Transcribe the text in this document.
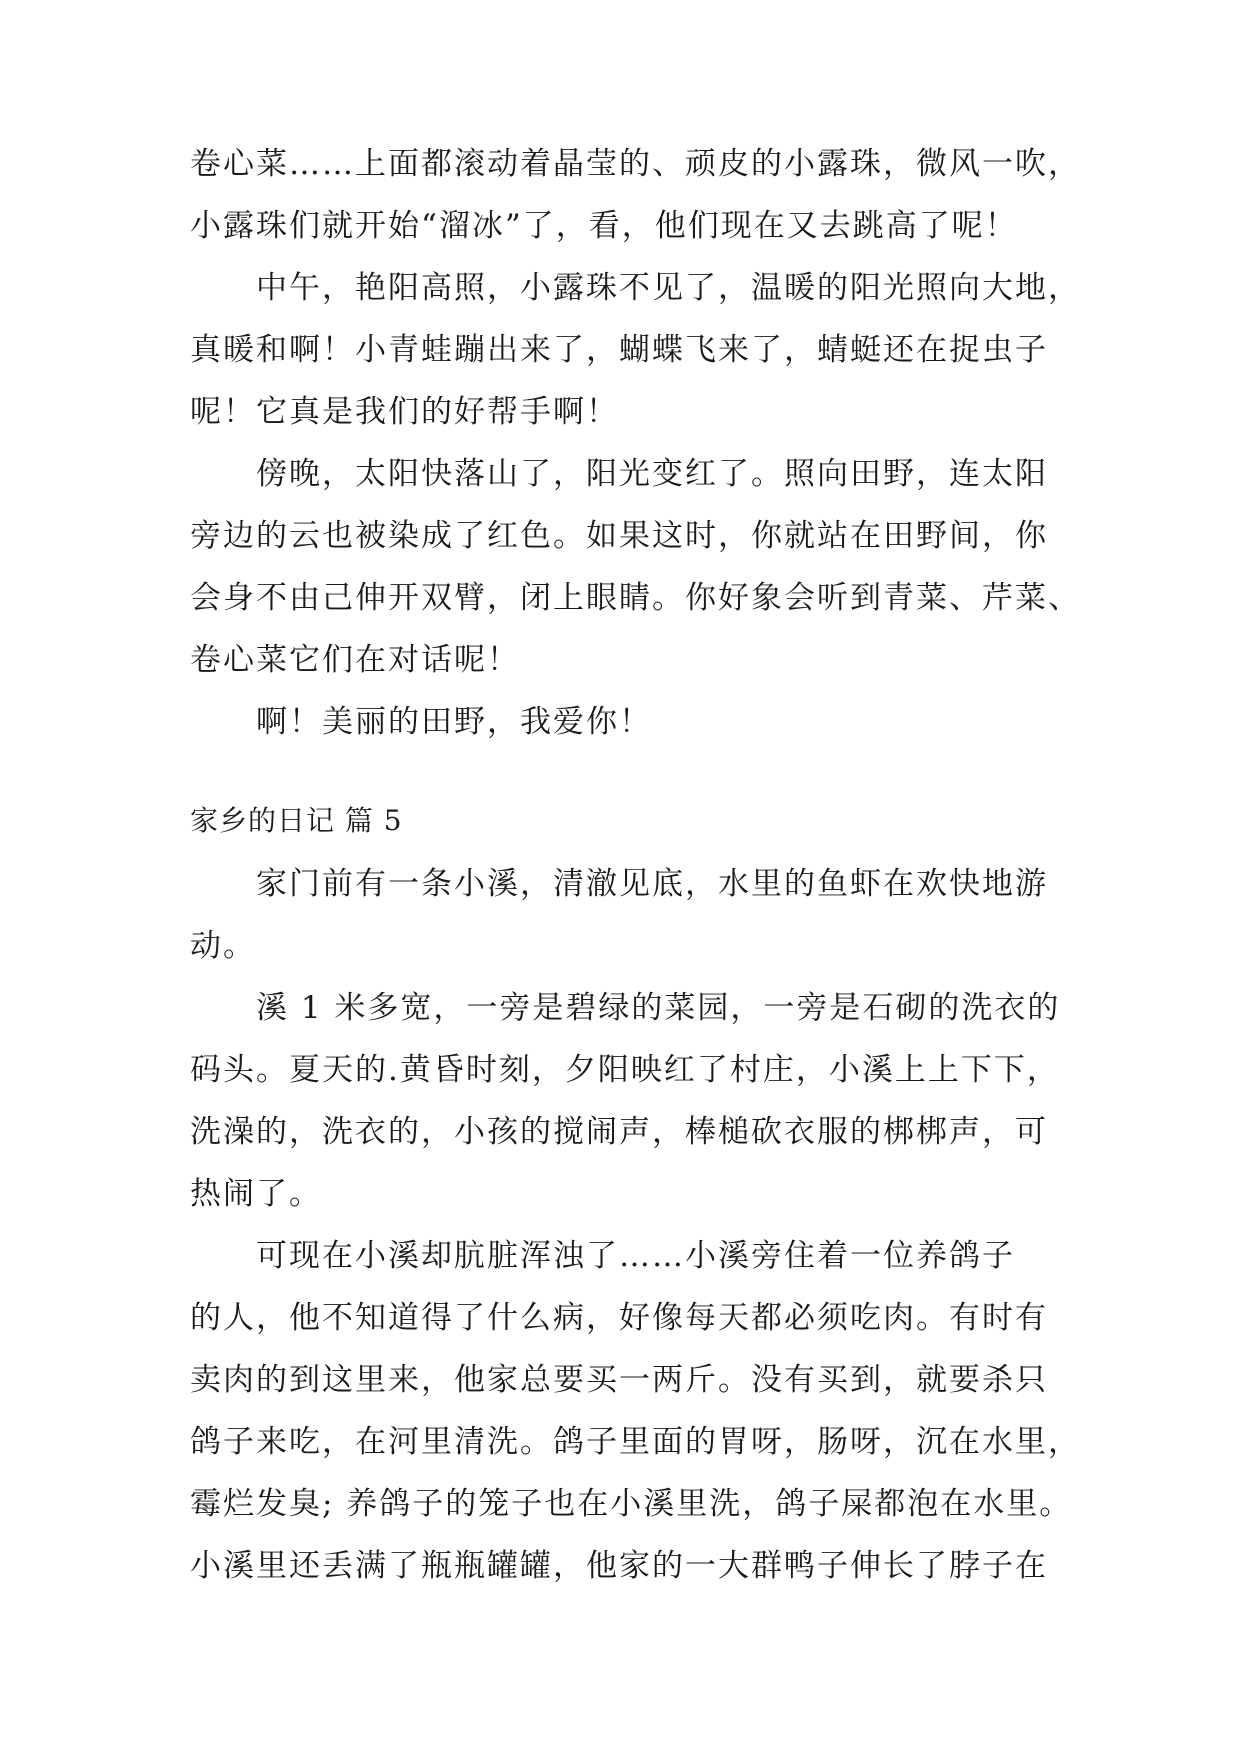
卷心菜……上面都滚动着晶莹的、顽皮的小露珠，微风一吹，
小露珠们就开始“溜冰”了，看，他们现在又去跳高了呢！
中午，艳阳高照，小露珠不见了，温暖的阳光照向大地，
真暖和啊！小青蛙蹦出来了，蝴蝶飞来了，蜻蜓还在捉虫子
呢！它真是我们的好帮手啊！
傍晚，太阳快落山了，阳光变红了。照向田野，连太阳
旁边的云也被染成了红色。如果这时，你就站在田野间，你
会身不由己伸开双臂，闭上眼睛。你好象会听到青菜、芹菜、
卷心菜它们在对话呢！
啊！美丽的田野，我爱你！
家乡的日记 篇 5
家门前有一条小溪，清澈见底，水里的鱼虾在欢快地游
动。
溪 1 米多宽，一旁是碧绿的菜园，一旁是石砌的洗衣的
码头。夏天的.黄昏时刻，夕阳映红了村庄，小溪上上下下，
洗澡的，洗衣的，小孩的搅闹声，棒槌砍衣服的梆梆声，可
热闹了。
可现在小溪却肮脏浑浊了……小溪旁住着一位养鸽子
的人，他不知道得了什么病，好像每天都必须吃肉。有时有
卖肉的到这里来，他家总要买一两斤。没有买到，就要杀只
鸽子来吃，在河里清洗。鸽子里面的胃呀，肠呀，沉在水里，
霉烂发臭; 养鸽子的笼子也在小溪里洗，鸽子屎都泡在水里。
小溪里还丢满了瓶瓶罐罐，他家的一大群鸭子伸长了脖子在
